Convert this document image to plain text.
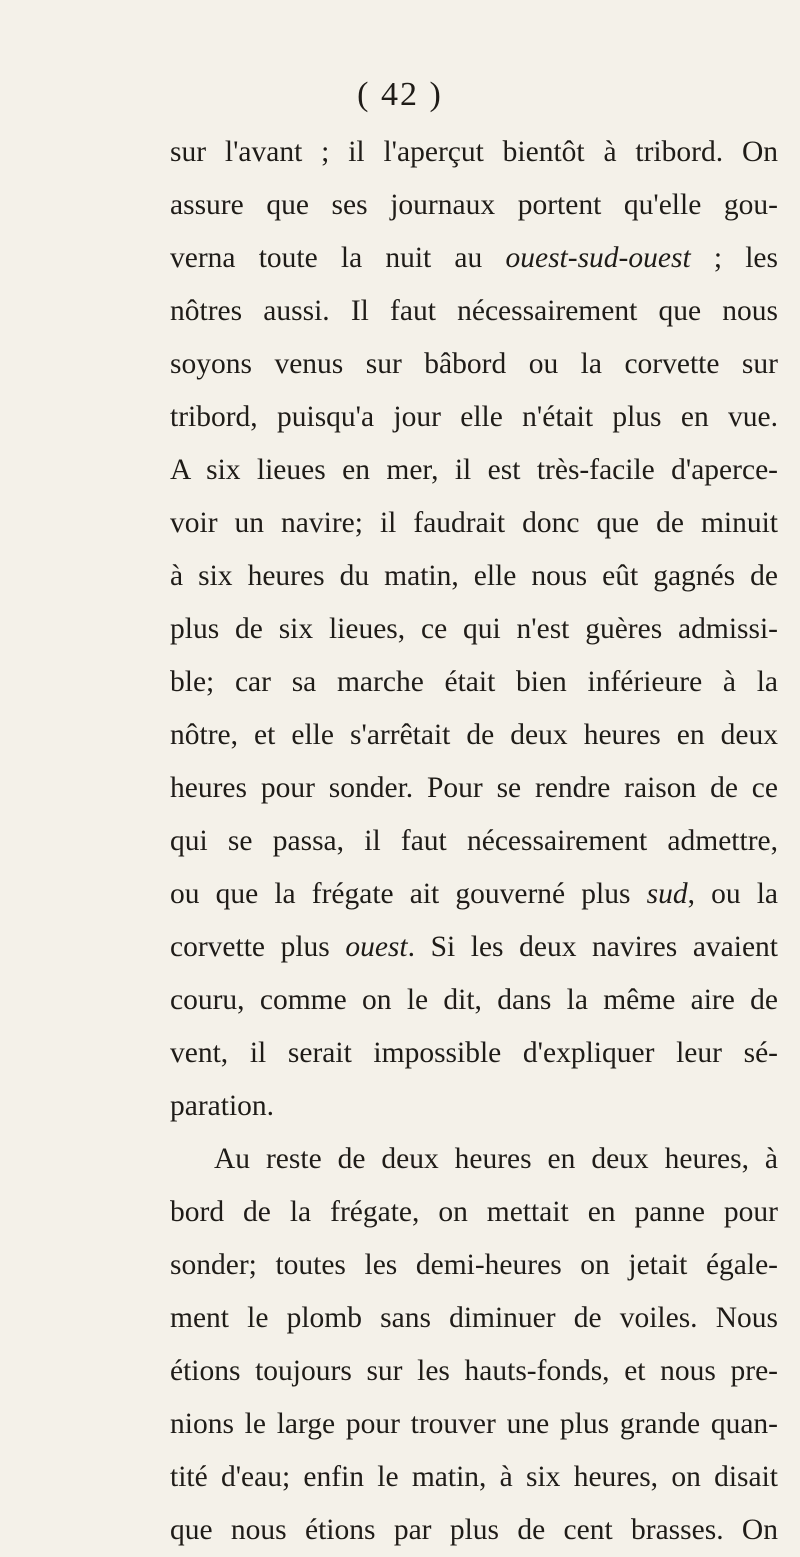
( 42 )
sur l'avant ; il l'aperçut bientôt à tribord. On
assure que ses journaux portent qu'elle gou-
verna toute la nuit au ouest-sud-ouest ; les
nôtres aussi. Il faut nécessairement que nous
soyons venus sur bâbord ou la corvette sur
tribord, puisqu'a jour elle n'était plus en vue.
A six lieues en mer, il est très-facile d'aperce-
voir un navire; il faudrait donc que de minuit
à six heures du matin, elle nous eût gagnés de
plus de six lieues, ce qui n'est guères admissi-
ble; car sa marche était bien inférieure à la
nôtre, et elle s'arrêtait de deux heures en deux
heures pour sonder. Pour se rendre raison de ce
qui se passa, il faut nécessairement admettre,
ou que la frégate ait gouverné plus sud, ou la
corvette plus ouest. Si les deux navires avaient
couru, comme on le dit, dans la même aire de
vent, il serait impossible d'expliquer leur sé-
paration.
Au reste de deux heures en deux heures, à
bord de la frégate, on mettait en panne pour
sonder; toutes les demi-heures on jetait égale-
ment le plomb sans diminuer de voiles. Nous
étions toujours sur les hauts-fonds, et nous pre-
nions le large pour trouver une plus grande quan-
tité d'eau; enfin le matin, à six heures, on disait
que nous étions par plus de cent brasses. On
